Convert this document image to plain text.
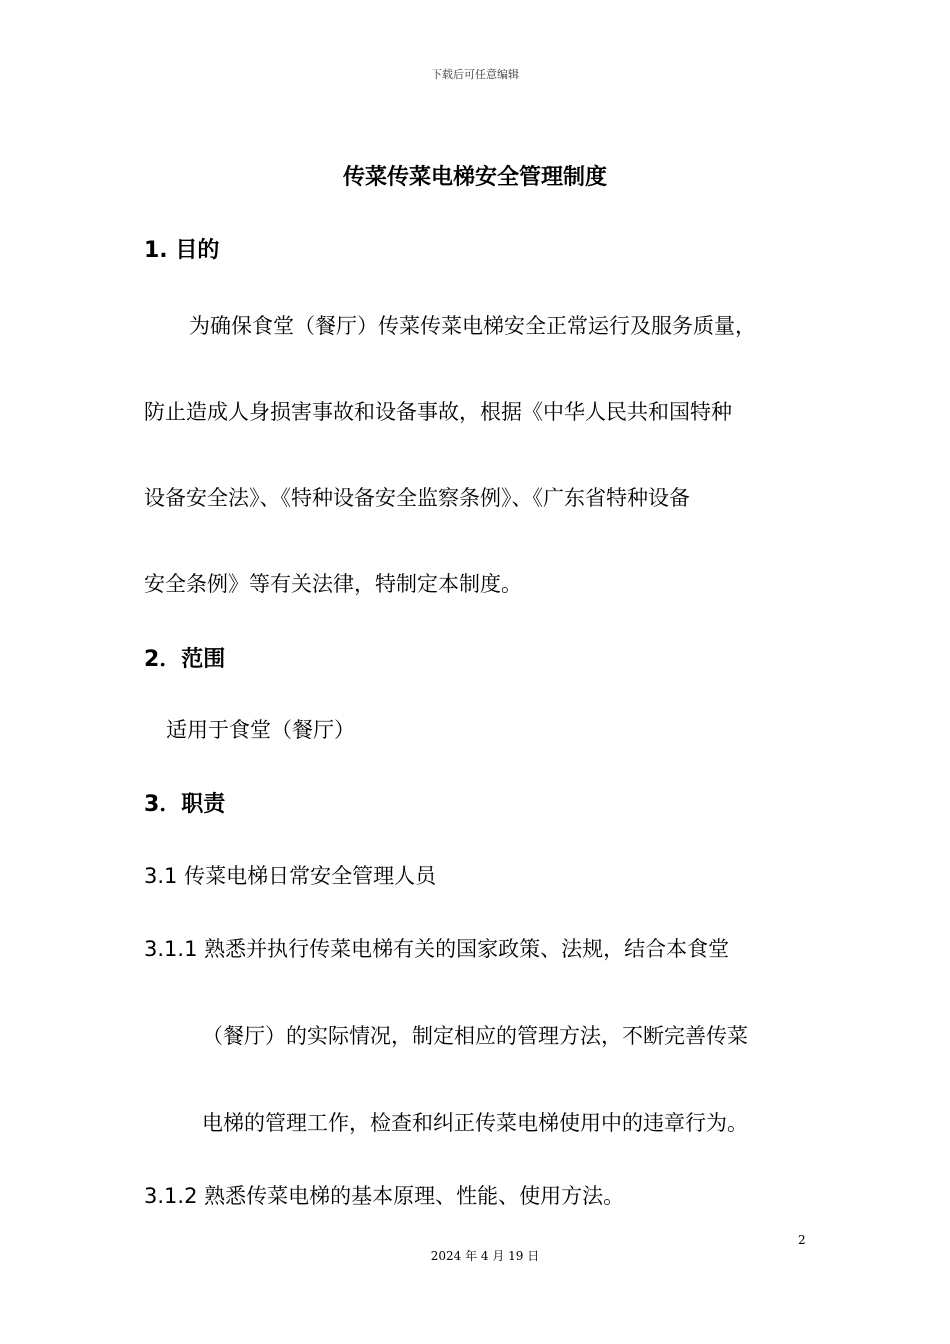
下载后可任意编辑
传菜传菜电梯安全管理制度
1. 目的
为确保食堂（餐厅）传菜传菜电梯安全正常运行及服务质量，
防止造成人身损害事故和设备事故，根据《中华人民共和国特种
设备安全法》、《特种设备安全监察条例》、《广东省特种设备
安全条例》等有关法律，特制定本制度。
2．范围
适用于食堂（餐厅）
3．职责
3.1 传菜电梯日常安全管理人员
3.1.1 熟悉并执行传菜电梯有关的国家政策、法规，结合本食堂
（餐厅）的实际情况，制定相应的管理方法，不断完善传菜
电梯的管理工作，检查和纠正传菜电梯使用中的违章行为。
3.1.2 熟悉传菜电梯的基本原理、性能、使用方法。
2
2024 年 4 月 19 日
